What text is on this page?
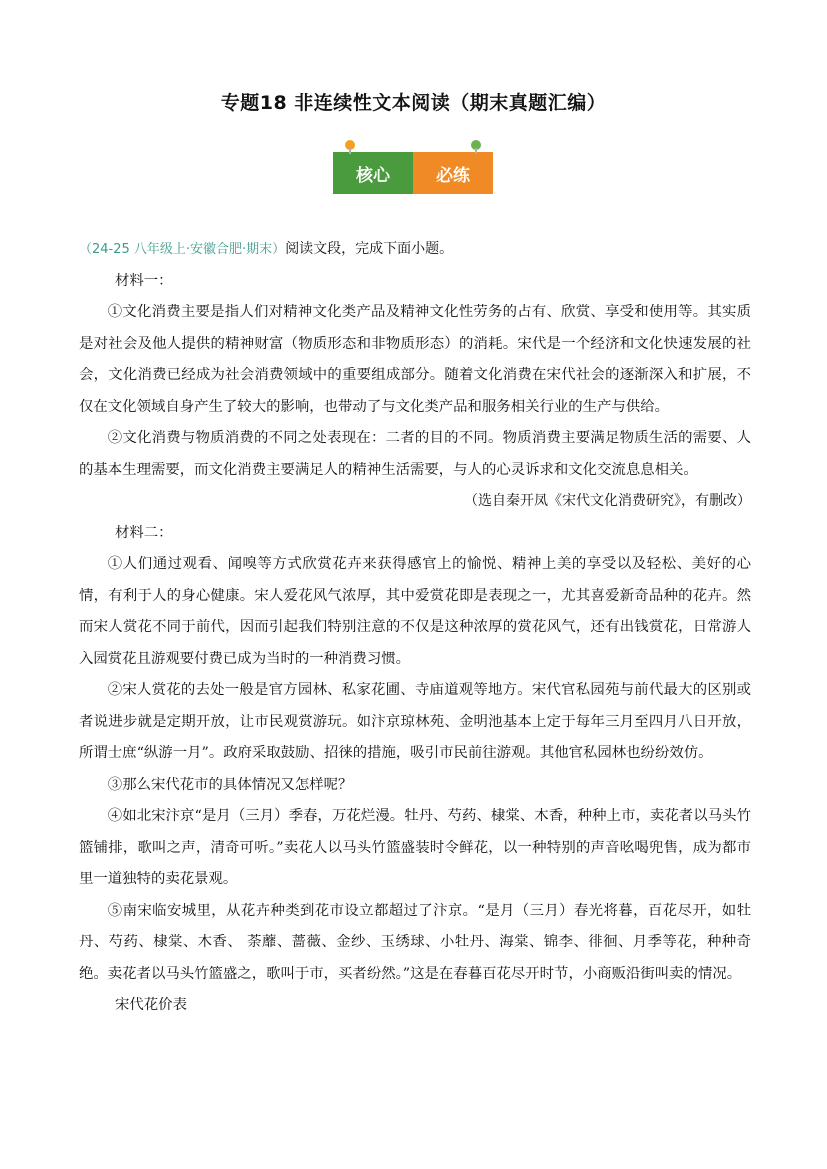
专题18 非连续性文本阅读（期末真题汇编）
核心	必练

（24-25 八年级上·安徽合肥·期末）阅读文段，完成下面小题。

材料一：

①文化消费主要是指人们对精神文化类产品及精神文化性劳务的占有、欣赏、享受和使用等。其实质是对社会及他人提供的精神财富（物质形态和非物质形态）的消耗。宋代是一个经济和文化快速发展的社会，文化消费已经成为社会消费领域中的重要组成部分。随着文化消费在宋代社会的逐渐深入和扩展，不仅在文化领域自身产生了较大的影响，也带动了与文化类产品和服务相关行业的生产与供给。

②文化消费与物质消费的不同之处表现在：二者的目的不同。物质消费主要满足物质生活的需要、人的基本生理需要，而文化消费主要满足人的精神生活需要，与人的心灵诉求和文化交流息息相关。

（选自秦开凤《宋代文化消费研究》，有删改）

材料二：

①人们通过观看、闻嗅等方式欣赏花卉来获得感官上的愉悦、精神上美的享受以及轻松、美好的心情，有利于人的身心健康。宋人爱花风气浓厚，其中爱赏花即是表现之一，尤其喜爱新奇品种的花卉。然而宋人赏花不同于前代，因而引起我们特别注意的不仅是这种浓厚的赏花风气，还有出钱赏花，日常游人入园赏花且游观要付费已成为当时的一种消费习惯。

②宋人赏花的去处一般是官方园林、私家花圃、寺庙道观等地方。宋代官私园苑与前代最大的区别或者说进步就是定期开放，让市民观赏游玩。如汴京琼林苑、金明池基本上定于每年三月至四月八日开放，所谓士庶“纵游一月”。政府采取鼓励、招徕的措施，吸引市民前往游观。其他官私园林也纷纷效仿。

③那么宋代花市的具体情况又怎样呢？

④如北宋汴京“是月（三月）季春，万花烂漫。牡丹、芍药、棣棠、木香，种种上市，卖花者以马头竹篮铺排，歌叫之声，清奇可听。”卖花人以马头竹篮盛装时令鲜花，以一种特别的声音吆喝兜售，成为都市里一道独特的卖花景观。

⑤南宋临安城里，从花卉种类到花市设立都超过了汴京。“是月（三月）春光将暮，百花尽开，如牡丹、芍药、棣棠、木香、 荼蘼、蔷薇、金纱、玉绣球、小牡丹、海棠、锦李、徘徊、月季等花，种种奇绝。卖花者以马头竹篮盛之，歌叫于市，买者纷然。”这是在春暮百花尽开时节，小商贩沿街叫卖的情况。

宋代花价表
